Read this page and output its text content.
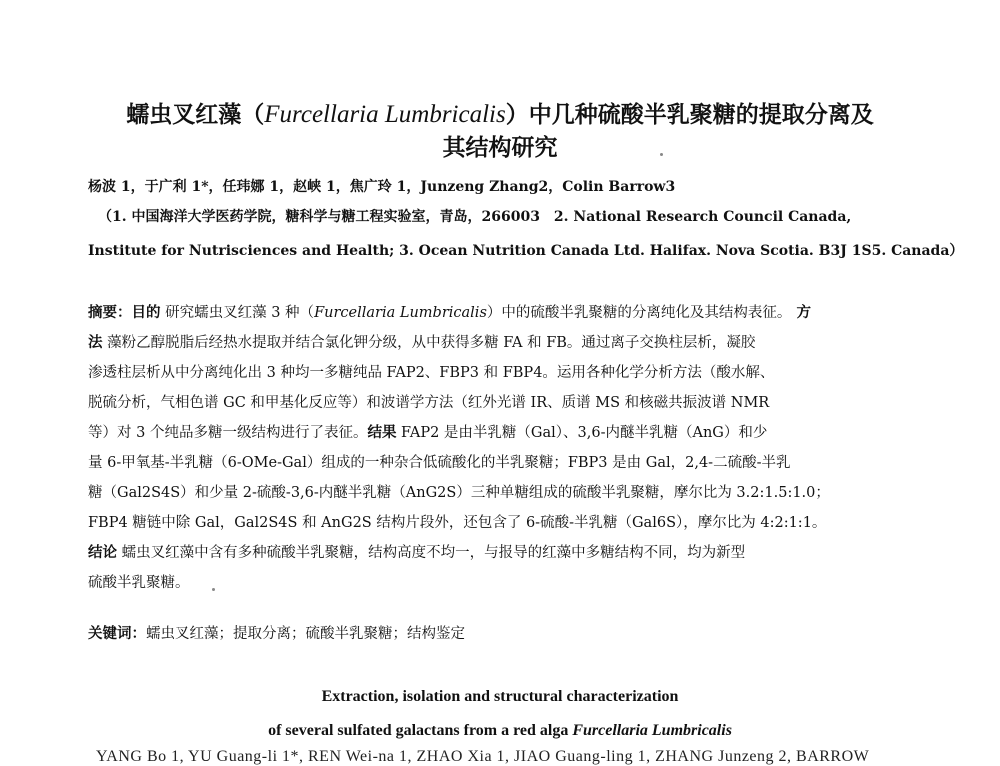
蠕虫叉红藻（Furcellaria Lumbricalis）中几种硫酸半乳聚糖的提取分离及
其结构研究
杨波 1，于广利 1*，任玮娜 1，赵峡 1，焦广玲 1，Junzeng Zhang2，Colin Barrow3
（1. 中国海洋大学医药学院，糖科学与糖工程实验室，青岛，266003　2. National Research Council Canada,
Institute for Nutrisciences and Health; 3. Ocean Nutrition Canada Ltd. Halifax. Nova Scotia. B3J 1S5. Canada）
摘要：目的 研究蠕虫叉红藻 3 种（Furcellaria Lumbricalis）中的硫酸半乳聚糖的分离纯化及其结构表征。 方
法 藻粉乙醇脱脂后经热水提取并结合氯化钾分级，从中获得多糖 FA 和 FB。通过离子交换柱层析，凝胶
渗透柱层析从中分离纯化出 3 种均一多糖纯品 FAP2、FBP3 和 FBP4。运用各种化学分析方法（酸水解、
脱硫分析，气相色谱 GC 和甲基化反应等）和波谱学方法（红外光谱 IR、质谱 MS 和核磁共振波谱 NMR
等）对 3 个纯品多糖一级结构进行了表征。结果 FAP2 是由半乳糖（Gal）、3,6-内醚半乳糖（AnG）和少
量 6-甲氧基-半乳糖（6-OMe-Gal）组成的一种杂合低硫酸化的半乳聚糖；FBP3 是由 Gal，2,4-二硫酸-半乳
糖（Gal2S4S）和少量 2-硫酸-3,6-内醚半乳糖（AnG2S）三种单糖组成的硫酸半乳聚糖，摩尔比为 3.2:1.5:1.0；
FBP4 糖链中除 Gal，Gal2S4S 和 AnG2S 结构片段外，还包含了 6-硫酸-半乳糖（Gal6S），摩尔比为 4:2:1:1。
结论 蠕虫叉红藻中含有多种硫酸半乳聚糖，结构高度不均一，与报导的红藻中多糖结构不同，均为新型
硫酸半乳聚糖。
关键词：蠕虫叉红藻；提取分离；硫酸半乳聚糖；结构鉴定
Extraction, isolation and structural characterization
of several sulfated galactans from a red alga Furcellaria Lumbricalis
YANG Bo 1, YU Guang-li 1*, REN Wei-na 1, ZHAO Xia 1, JIAO Guang-ling 1, ZHANG Junzeng 2, BARROW
